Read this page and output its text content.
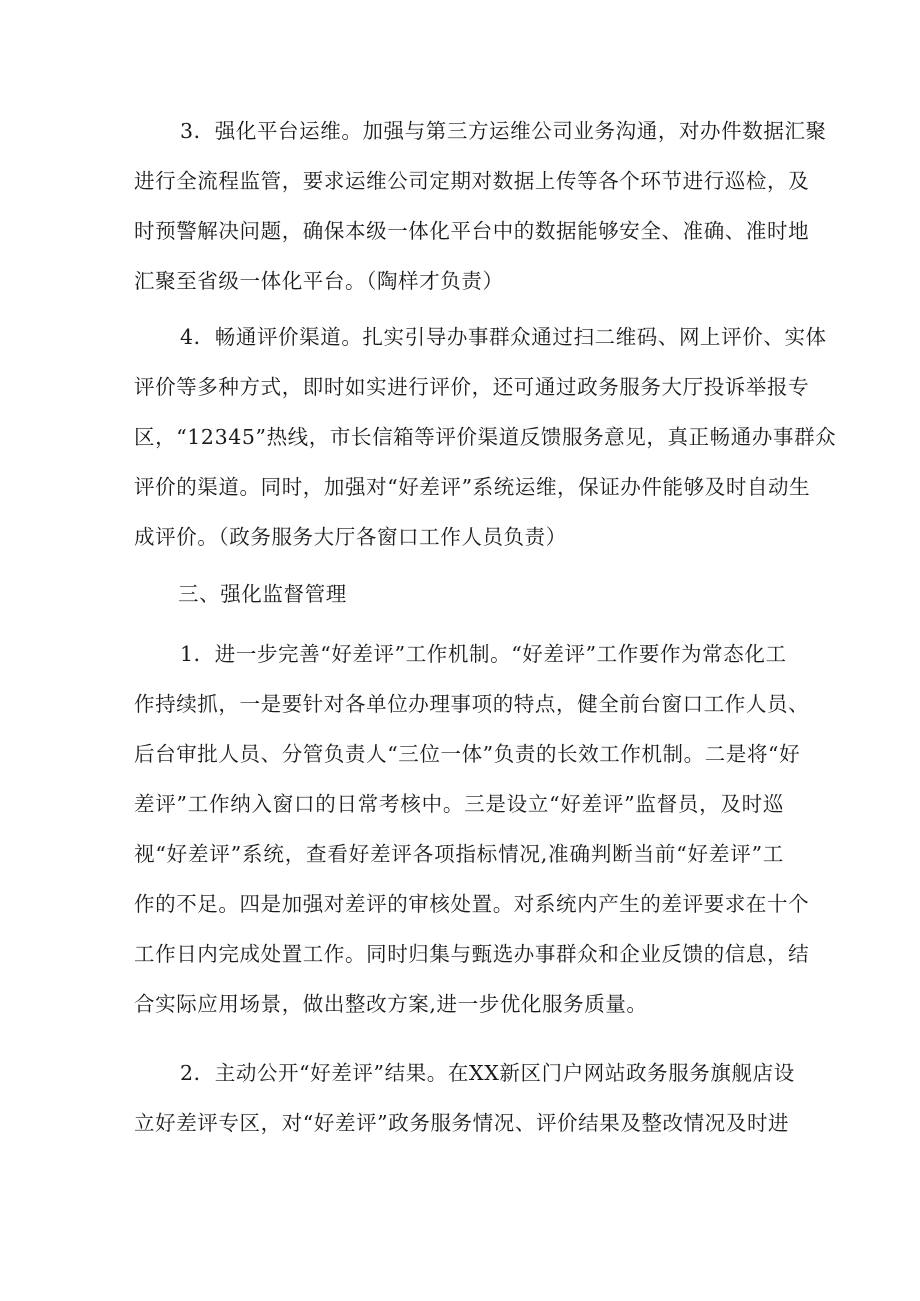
3．强化平台运维。加强与第三方运维公司业务沟通，对办件数据汇聚
进行全流程监管，要求运维公司定期对数据上传等各个环节进行巡检，及
时预警解决问题，确保本级一体化平台中的数据能够安全、准确、准时地
汇聚至省级一体化平台。（陶样才负责）
4．畅通评价渠道。扎实引导办事群众通过扫二维码、网上评价、实体
评价等多种方式，即时如实进行评价，还可通过政务服务大厅投诉举报专
区，“12345”热线，市长信箱等评价渠道反馈服务意见，真正畅通办事群众
评价的渠道。同时，加强对“好差评”系统运维，保证办件能够及时自动生
成评价。（政务服务大厅各窗口工作人员负责）
三、强化监督管理
1．进一步完善“好差评”工作机制。“好差评”工作要作为常态化工
作持续抓，一是要针对各单位办理事项的特点，健全前台窗口工作人员、
后台审批人员、分管负责人“三位一体”负责的长效工作机制。二是将“好
差评”工作纳入窗口的日常考核中。三是设立“好差评”监督员，及时巡
视“好差评”系统，查看好差评各项指标情况,准确判断当前“好差评”工
作的不足。四是加强对差评的审核处置。对系统内产生的差评要求在十个
工作日内完成处置工作。同时归集与甄选办事群众和企业反馈的信息，结
合实际应用场景，做出整改方案,进一步优化服务质量。
2．主动公开“好差评”结果。在XX新区门户网站政务服务旗舰店设
立好差评专区，对“好差评”政务服务情况、评价结果及整改情况及时进
